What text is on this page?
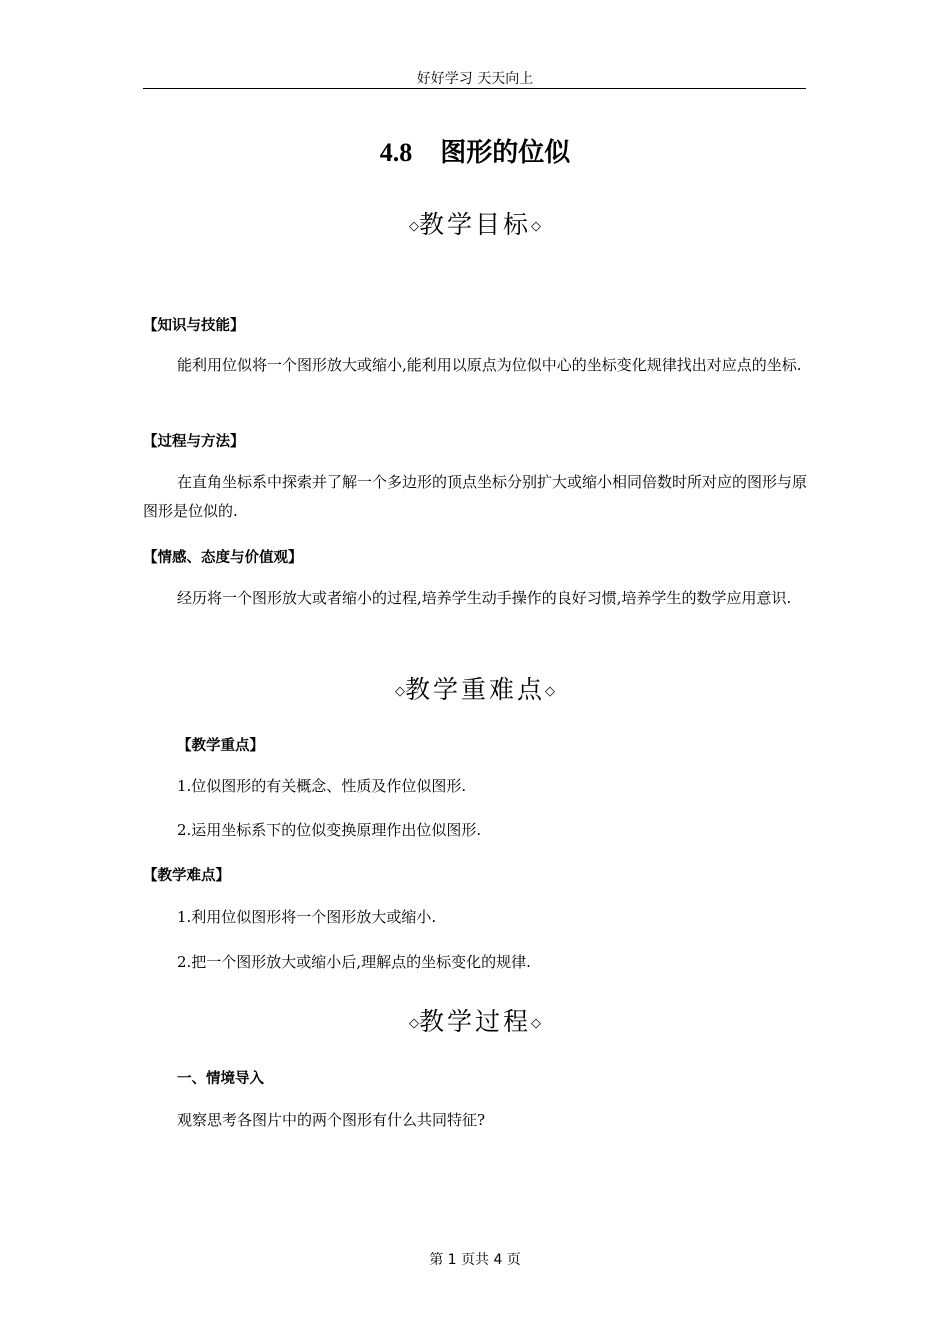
好好学习 天天向上
4.8 图形的位似
◇教学目标◇
【知识与技能】
能利用位似将一个图形放大或缩小,能利用以原点为位似中心的坐标变化规律找出对应点的坐标.
【过程与方法】
在直角坐标系中探索并了解一个多边形的顶点坐标分别扩大或缩小相同倍数时所对应的图形与原图形是位似的.
【情感、态度与价值观】
经历将一个图形放大或者缩小的过程,培养学生动手操作的良好习惯,培养学生的数学应用意识.
◇教学重难点◇
【教学重点】
1.位似图形的有关概念、性质及作位似图形.
2.运用坐标系下的位似变换原理作出位似图形.
【教学难点】
1.利用位似图形将一个图形放大或缩小.
2.把一个图形放大或缩小后,理解点的坐标变化的规律.
◇教学过程◇
一、情境导入
观察思考各图片中的两个图形有什么共同特征?
第 1 页共 4 页
